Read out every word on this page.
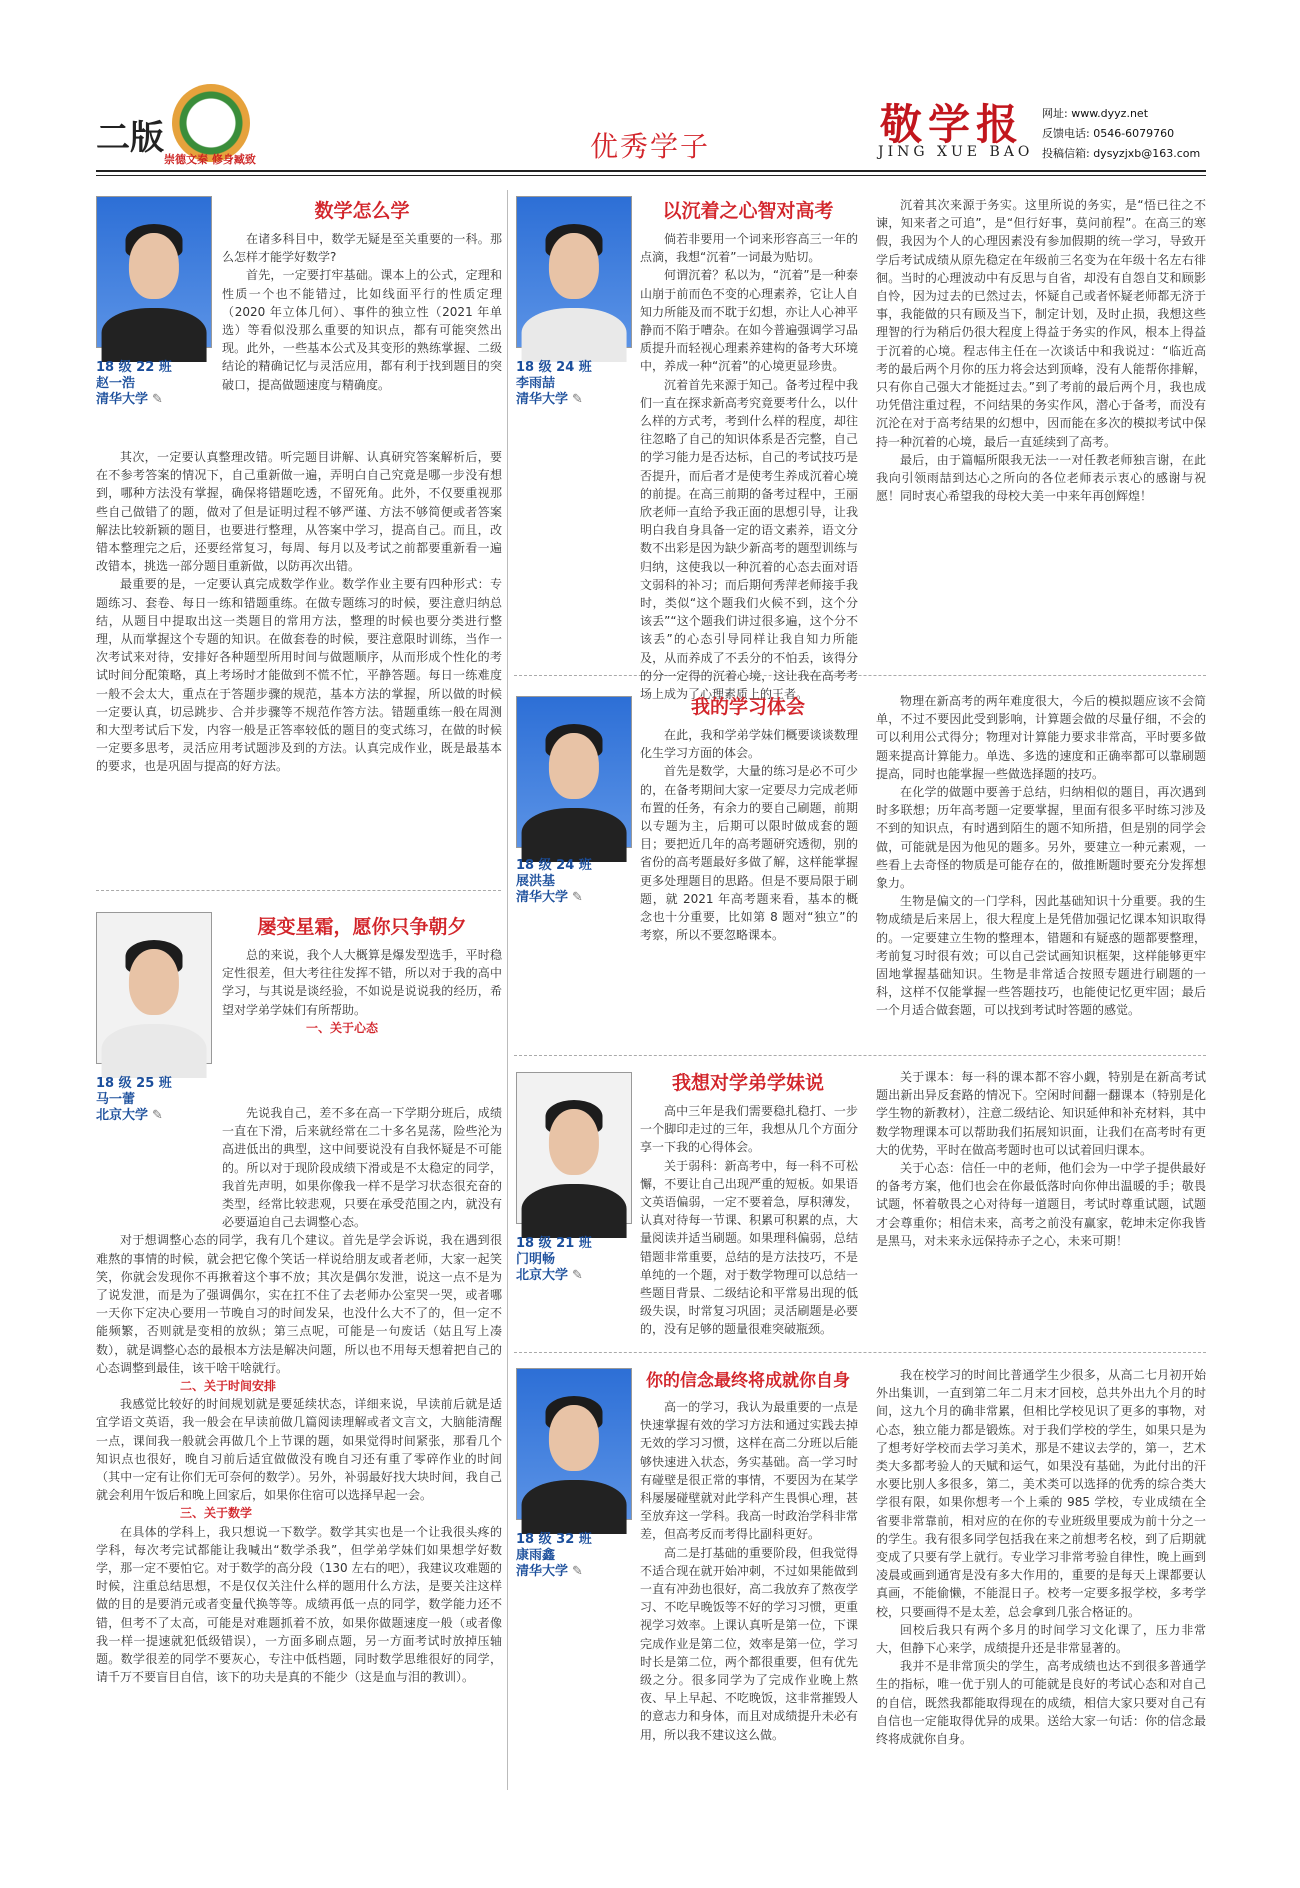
二版
崇德文秦 修身臧致	优秀学子	敬学报
JING XUE BAO
网址: www.dyyz.net
反馈电话: 0546-6079760
投稿信箱: dysyzjxb@163.com
18 级 22 班
赵一浩
清华大学 ✎
数学怎么学

在诸多科目中，数学无疑是至关重要的一科。那么怎样才能学好数学?

首先，一定要打牢基础。课本上的公式，定理和性质一个也不能错过，比如线面平行的性质定理（2020 年立体几何）、事件的独立性（2021 年单选）等看似没那么重要的知识点，都有可能突然出现。此外，一些基本公式及其变形的熟练掌握、二级结论的精确记忆与灵活应用，都有利于找到题目的突破口，提高做题速度与精确度。

其次，一定要认真整理改错。听完题目讲解、认真研究答案解析后，要在不参考答案的情况下，自己重新做一遍，弄明白自己究竟是哪一步没有想到，哪种方法没有掌握，确保将错题吃透，不留死角。此外，不仅要重视那些自己做错了的题，做对了但是证明过程不够严谨、方法不够简便或者答案解法比较新颖的题目，也要进行整理，从答案中学习，提高自己。而且，改错本整理完之后，还要经常复习，每周、每月以及考试之前都要重新看一遍改错本，挑选一部分题目重新做，以防再次出错。

最重要的是，一定要认真完成数学作业。数学作业主要有四种形式：专题练习、套卷、每日一练和错题重练。在做专题练习的时候，要注意归纳总结，从题目中提取出这一类题目的常用方法，整理的时候也要分类进行整理，从而掌握这个专题的知识。在做套卷的时候，要注意限时训练，当作一次考试来对待，安排好各种题型所用时间与做题顺序，从而形成个性化的考试时间分配策略，真上考场时才能做到不慌不忙，平静答题。每日一练难度一般不会太大，重点在于答题步骤的规范，基本方法的掌握，所以做的时候一定要认真，切忌跳步、合并步骤等不规范作答方法。错题重练一般在周测和大型考试后下发，内容一般是正答率较低的题目的变式练习，在做的时候一定要多思考，灵活应用考试题涉及到的方法。认真完成作业，既是最基本的要求，也是巩固与提高的好方法。

18 级 24 班
李雨喆
清华大学 ✎
以沉着之心智对高考

倘若非要用一个词来形容高三一年的点滴，我想“沉着”一词最为贴切。

何谓沉着？私以为，“沉着”是一种泰山崩于前而色不变的心理素养，它让人自知力所能及而不耽于幻想，亦让人心神平静而不陷于嘈杂。在如今普遍强调学习品质提升而轻视心理素养建构的备考大环境中，养成一种“沉着”的心境更显珍贵。

沉着首先来源于知己。备考过程中我们一直在探求新高考究竟要考什么，以什么样的方式考，考到什么样的程度，却往往忽略了自己的知识体系是否完整，自己的学习能力是否达标，自己的考试技巧是否提升，而后者才是使考生养成沉着心境的前提。在高三前期的备考过程中，王丽欣老师一直给予我正面的思想引导，让我明白我自身具备一定的语文素养，语文分数不出彩是因为缺少新高考的题型训练与归纳，这使我以一种沉着的心态去面对语文弱科的补习；而后期何秀萍老师接手我时，类似“这个题我们火候不到，这个分该丢”“这个题我们讲过很多遍，这个分不该丢”的心态引导同样让我自知力所能及，从而养成了不丢分的不怕丢，该得分的分一定得的沉着心境，这让我在高考考场上成为了心理素质上的王者。

沉着其次来源于务实。这里所说的务实，是“悟已往之不谏，知来者之可追”，是“但行好事，莫问前程”。在高三的寒假，我因为个人的心理因素没有参加假期的统一学习，导致开学后考试成绩从原先稳定在年级前三名变为在年级十名左右徘徊。当时的心理波动中有反思与自省，却没有自怨自艾和顾影自怜，因为过去的已然过去，怀疑自己或者怀疑老师都无济于事，我能做的只有顾及当下，制定计划，及时止损，我想这些理智的行为稍后仍很大程度上得益于务实的作风，根本上得益于沉着的心境。程志伟主任在一次谈话中和我说过：“临近高考的最后两个月你的压力将会达到顶峰，没有人能帮你排解，只有你自己强大才能挺过去。”到了考前的最后两个月，我也成功凭借注重过程，不问结果的务实作风，潜心于备考，而没有沉沦在对于高考结果的幻想中，因而能在多次的模拟考试中保持一种沉着的心境，最后一直延续到了高考。

最后，由于篇幅所限我无法一一对任教老师独言谢，在此我向引领雨喆到达心之所向的各位老师表示衷心的感谢与祝愿！同时衷心希望我的母校大美一中来年再创辉煌！

18 级 24 班
展洪基
清华大学 ✎
我的学习体会

在此，我和学弟学妹们概要谈谈数理化生学习方面的体会。

首先是数学，大量的练习是必不可少的，在备考期间大家一定要尽力完成老师布置的任务，有余力的要自己刷题，前期以专题为主，后期可以限时做成套的题目；要把近几年的高考题研究透彻，别的省份的高考题最好多做了解，这样能掌握更多处理题目的思路。但是不要局限于刷题，就 2021 年高考题来看，基本的概念也十分重要，比如第 8 题对“独立”的考察，所以不要忽略课本。

物理在新高考的两年难度很大，今后的模拟题应该不会简单，不过不要因此受到影响，计算题会做的尽量仔细，不会的可以利用公式得分；物理对计算能力要求非常高，平时要多做题来提高计算能力。单选、多选的速度和正确率都可以靠刷题提高，同时也能掌握一些做选择题的技巧。

在化学的做题中要善于总结，归纳相似的题目，再次遇到时多联想；历年高考题一定要掌握，里面有很多平时练习涉及不到的知识点，有时遇到陌生的题不知所措，但是别的同学会做，可能就是因为他见的题多。另外，要建立一种元素观，一些看上去奇怪的物质是可能存在的，做推断题时要充分发挥想象力。

生物是偏文的一门学科，因此基础知识十分重要。我的生物成绩是后来居上，很大程度上是凭借加强记忆课本知识取得的。一定要建立生物的整理本，错题和有疑惑的题都要整理，考前复习时很有效；可以自己尝试画知识框架，这样能够更牢固地掌握基础知识。生物是非常适合按照专题进行刷题的一科，这样不仅能掌握一些答题技巧，也能使记忆更牢固；最后一个月适合做套题，可以找到考试时答题的感觉。

18 级 25 班
马一蕾
北京大学 ✎
屡变星霜，愿你只争朝夕

总的来说，我个人大概算是爆发型选手，平时稳定性很差，但大考往往发挥不错，所以对于我的高中学习，与其说是谈经验，不如说是说说我的经历，希望对学弟学妹们有所帮助。

一、关于心态

先说我自己，差不多在高一下学期分班后，成绩一直在下滑，后来就经常在二十多名晃荡，险些沦为高进低出的典型，这中间要说没有自我怀疑是不可能的。所以对于现阶段成绩下滑或是不太稳定的同学，我首先声明，如果你像我一样不是学习状态很充奋的类型，经常比较悲观，只要在承受范围之内，就没有必要逼迫自己去调整心态。

对于想调整心态的同学，我有几个建议。首先是学会诉说，我在遇到很难熬的事情的时候，就会把它像个笑话一样说给朋友或者老师，大家一起笑笑，你就会发现你不再揪着这个事不放；其次是偶尔发泄，说这一点不是为了说发泄，而是为了强调偶尔，实在扛不住了去老师办公室哭一哭，或者哪一天你下定决心要用一节晚自习的时间发呆，也没什么大不了的，但一定不能频繁，否则就是变相的放纵；第三点呢，可能是一句废话（姑且写上凑数），就是调整心态的最根本方法是解决问题，所以也不用每天想着把自己的心态调整到最佳，该干啥干啥就行。

二、关于时间安排

我感觉比较好的时间规划就是要延续状态，详细来说，早读前后就是适宜学语文英语，我一般会在早读前做几篇阅读理解或者文言文，大脑能清醒一点，课间我一般就会再做几个上节课的题，如果觉得时间紧张，那看几个知识点也很好，晚自习前后适宜做做没有晚自习还有重了零碎作业的时间（其中一定有让你们无可奈何的数学）。另外，补弱最好找大块时间，我自己就会利用午饭后和晚上回家后，如果你住宿可以选择早起一会。

三、关于数学

在具体的学科上，我只想说一下数学。数学其实也是一个让我很头疼的学科，每次考完试都能让我喊出“数学杀我”，但学弟学妹们如果想学好数学，那一定不要怕它。对于数学的高分段（130 左右的吧），我建议攻难题的时候，注重总结思想，不是仅仅关注什么样的题用什么方法，是要关注这样做的目的是要消元或者变量代换等等。成绩再低一点的同学，数学能力还不错，但考不了太高，可能是对难题抓着不放，如果你做题速度一般（或者像我一样一提速就犯低级错误），一方面多刷点题，另一方面考试时放掉压轴题。数学很差的同学不要灰心，专注中低档题，同时数学思维很好的同学，请千万不要盲目自信，该下的功夫是真的不能少（这是血与泪的教训）。

18 级 21 班
门明畅
北京大学 ✎
我想对学弟学妹说

高中三年是我们需要稳扎稳打、一步一个脚印走过的三年，我想从几个方面分享一下我的心得体会。

关于弱科：新高考中，每一科不可松懈，不要让自己出现严重的短板。如果语文英语偏弱，一定不要着急，厚积薄发，认真对待每一节课、积累可积累的点，大量阅读并适当刷题。如果理科偏弱，总结错题非常重要，总结的是方法技巧，不是单纯的一个题，对于数学物理可以总结一些题目背景、二级结论和平常易出现的低级失误，时常复习巩固；灵活刷题是必要的，没有足够的题量很难突破瓶颈。

关于课本：每一科的课本都不容小觑，特别是在新高考试题出新出异反套路的情况下。空闲时间翻一翻课本（特别是化学生物的新教材），注意二级结论、知识延伸和补充材料，其中数学物理课本可以帮助我们拓展知识面，让我们在高考时有更大的优势，平时在做高考题时也可以试着回归课本。

关于心态：信任一中的老师，他们会为一中学子提供最好的备考方案，他们也会在你最低落时向你伸出温暖的手；敬畏试题，怀着敬畏之心对待每一道题目，考试时尊重试题，试题才会尊重你；相信未来，高考之前没有赢家，乾坤未定你我皆是黑马，对未来永远保持赤子之心，未来可期！

18 级 32 班
康雨鑫
清华大学 ✎
你的信念最终将成就你自身

高一的学习，我认为最重要的一点是快速掌握有效的学习方法和通过实践去掉无效的学习习惯，这样在高二分班以后能够快速进入状态，务实基础。高一学习时有碰壁是很正常的事情，不要因为在某学科屡屡碰壁就对此学科产生畏惧心理，甚至放弃这一学科。我高一时政治学科非常差，但高考反而考得比副科更好。

高二是打基础的重要阶段，但我觉得不适合现在就开始冲刺，不过如果能做到一直有冲劲也很好，高二我放弃了熬夜学习、不吃早晚饭等不好的学习习惯，更重视学习效率。上课认真听是第一位，下课完成作业是第二位，效率是第一位，学习时长是第二位，两个都很重要，但有优先级之分。很多同学为了完成作业晚上熬夜、早上早起、不吃晚饭，这非常摧毁人的意志力和身体，而且对成绩提升未必有用，所以我不建议这么做。

我在校学习的时间比普通学生少很多，从高二七月初开始外出集训，一直到第二年二月末才回校，总共外出九个月的时间，这九个月的确非常累，但相比学校见识了更多的事物，对心态，独立能力都是锻炼。对于我们学校的学生，如果只是为了想考好学校而去学习美术，那是不建议去学的，第一，艺术类大多都考验人的天赋和运气，如果没有基础，为此付出的汗水要比别人多很多，第二，美术类可以选择的优秀的综合类大学很有限，如果你想考一个上乘的 985 学校，专业成绩在全省要非常靠前，相对应的在你的专业班级里要成为前十分之一的学生。我有很多同学包括我在来之前想考名校，到了后期就变成了只要有学上就行。专业学习非常考验自律性，晚上画到凌晨或画到通宵是没有多大作用的，重要的是每天上课都要认真画，不能偷懒，不能混日子。校考一定要多报学校，多考学校，只要画得不是太差，总会拿到几张合格证的。

回校后我只有两个多月的时间学习文化课了，压力非常大，但静下心来学，成绩提升还是非常显著的。

我并不是非常顶尖的学生，高考成绩也达不到很多普通学生的指标，唯一优于别人的可能就是良好的考试心态和对自己的自信，既然我都能取得现在的成绩，相信大家只要对自己有自信也一定能取得优异的成果。送给大家一句话：你的信念最终将成就你自身。
